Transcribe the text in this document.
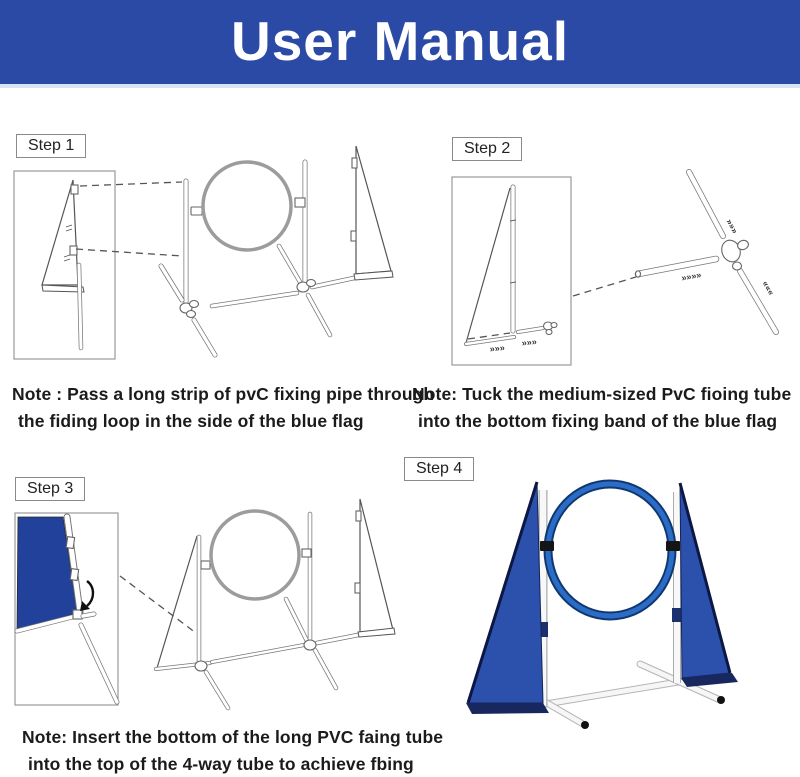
User Manual
Step 1	Step 2
Step 3
Step 4
»»»
»»»
»»»»
»»»
«««
Note : Pass a long strip of pvC fixing pipe through
the fiding loop in the side of the blue flag
Note: Tuck the medium-sized PvC fioing tube
into the bottom fixing band of the blue flag
Note: Insert the bottom of the long PVC faing tube
into the top of the 4-way tube to achieve fbing
